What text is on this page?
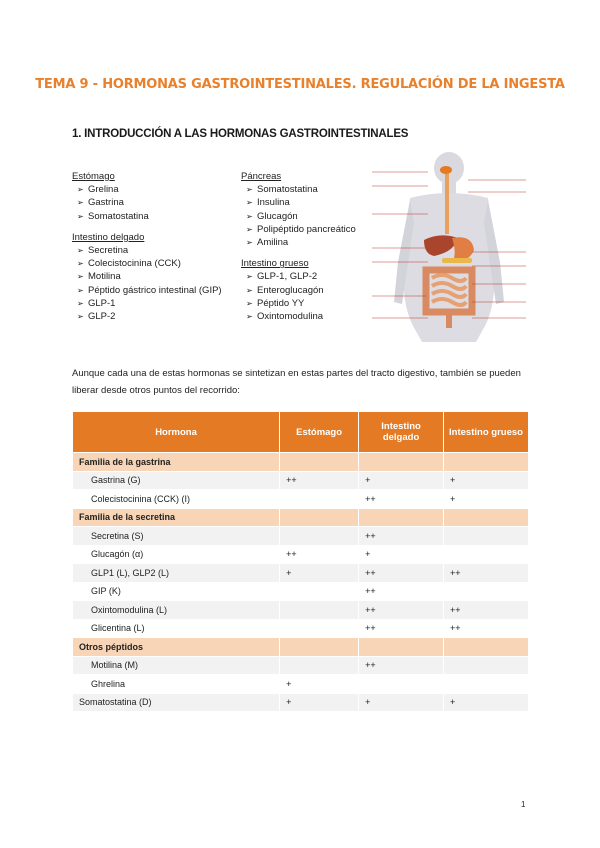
TEMA 9 - HORMONAS GASTROINTESTINALES. REGULACIÓN DE LA INGESTA
1. INTRODUCCIÓN A LAS HORMONAS GASTROINTESTINALES
Estómago
➢ Grelina
➢ Gastrina
➢ Somatostatina
Intestino delgado
➢ Secretina
➢ Colecistocinina (CCK)
➢ Motilina
➢ Péptido gástrico intestinal (GIP)
➢ GLP-1
➢ GLP-2
Páncreas
➢ Somatostatina
➢ Insulina
➢ Glucagón
➢ Polipéptido pancreático
➢ Amilina
Intestino grueso
➢ GLP-1, GLP-2
➢ Enteroglucagón
➢ Péptido YY
➢ Oxintomodulina
Aunque cada una de estas hormonas se sintetizan en estas partes del tracto digestivo, también se pueden liberar desde otros puntos del recorrido:
Hormona	Estómago	Intestino delgado	Intestino grueso
Familia de la gastrina			
Gastrina (G)	++	+	+
Colecistocinina (CCK) (I)		++	+
Familia de la secretina			
Secretina (S)		++	
Glucagón (α)	++	+	
GLP1 (L), GLP2 (L)	+	++	++
GIP (K)		++	
Oxintomodulina (L)		++	++
Glicentina (L)		++	++
Otros péptidos			
Motilina (M)		++	
Ghrelina	+		
Somatostatina (D)	+	+	+
1
